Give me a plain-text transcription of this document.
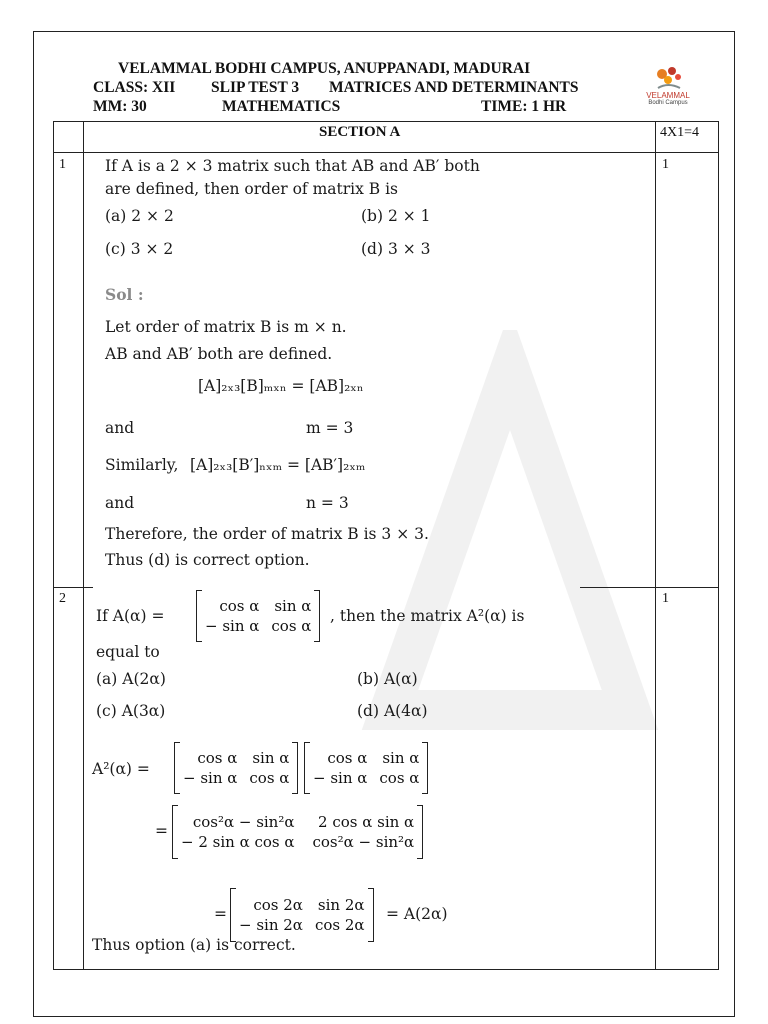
VELAMMAL BODHI CAMPUS, ANUPPANADI, MADURAI
CLASS: XII SLIP TEST 3 MATRICES AND DETERMINANTS
MM: 30	MATHEMATICS	TIME: 1 HR
VELAMMAL
Bodhi Campus
SECTION A	4X1=4
1	1
If A is a 2 × 3 matrix such that AB and AB′ both
are defined, then order of matrix B is
(a) 2 × 2	(b) 2 × 1
(c) 3 × 2	(d) 3 × 3
Sol :
Let order of matrix B is m × n.
AB and AB′ both are defined.
[A]₂ₓ₃[B]ₘₓₙ = [AB]₂ₓₙ
and	m = 3
Similarly, [A]₂ₓ₃[B′]ₙₓₘ = [AB′]₂ₓₘ
and	n = 3
Therefore, the order of matrix B is 3 × 3.
Thus (d) is correct option.
2	1
If A(α) =
cos α sin α
− sin α cos α
, then the matrix A²(α) is
equal to
(a) A(2α)	(b) A(α)
(c) A(3α)	(d) A(4α)
A²(α) =
cos α sin α
− sin α cos α
cos α sin α
− sin α cos α
=	cos²α − sin²α	2 cos α sin α
− 2 sin α cos α cos²α − sin²α
=	cos 2α sin 2α
− sin 2α cos 2α
= A(2α)
Thus option (a) is correct.
